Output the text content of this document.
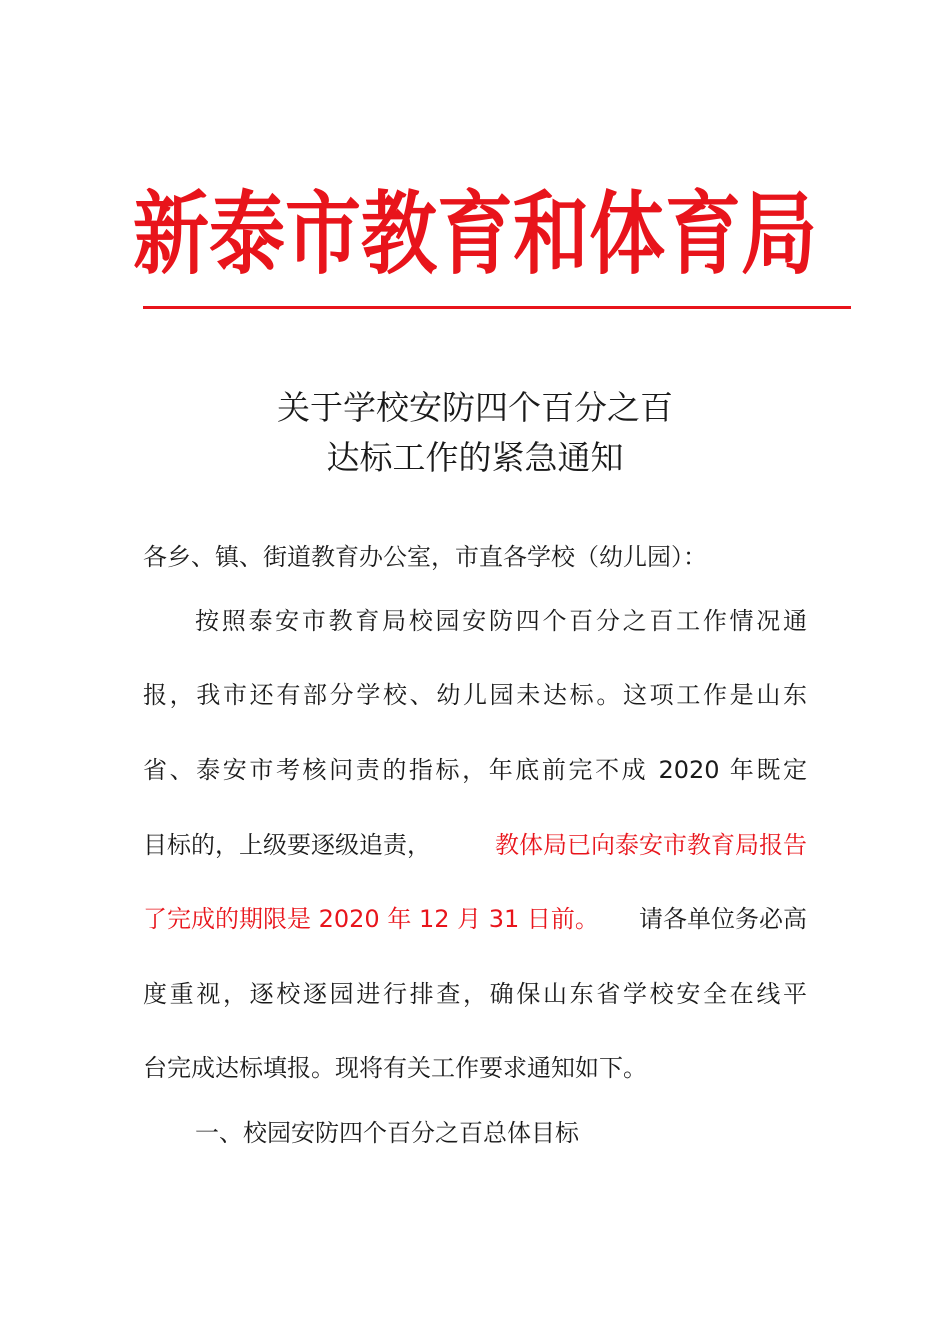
新泰市教育和体育局
关于学校安防四个百分之百
达标工作的紧急通知
各乡、镇、街道教育办公室，市直各学校（幼儿园）：
按照泰安市教育局校园安防四个百分之百工作情况通
报，我市还有部分学校、幼儿园未达标。这项工作是山东
省、泰安市考核问责的指标，年底前完不成 2020 年既定
目标的，上级要逐级追责，	教体局已向泰安市教育局报告
了完成的期限是 2020 年 12 月 31 日前。 请各单位务必高
度重视，逐校逐园进行排查，确保山东省学校安全在线平
台完成达标填报。现将有关工作要求通知如下。
一、校园安防四个百分之百总体目标
